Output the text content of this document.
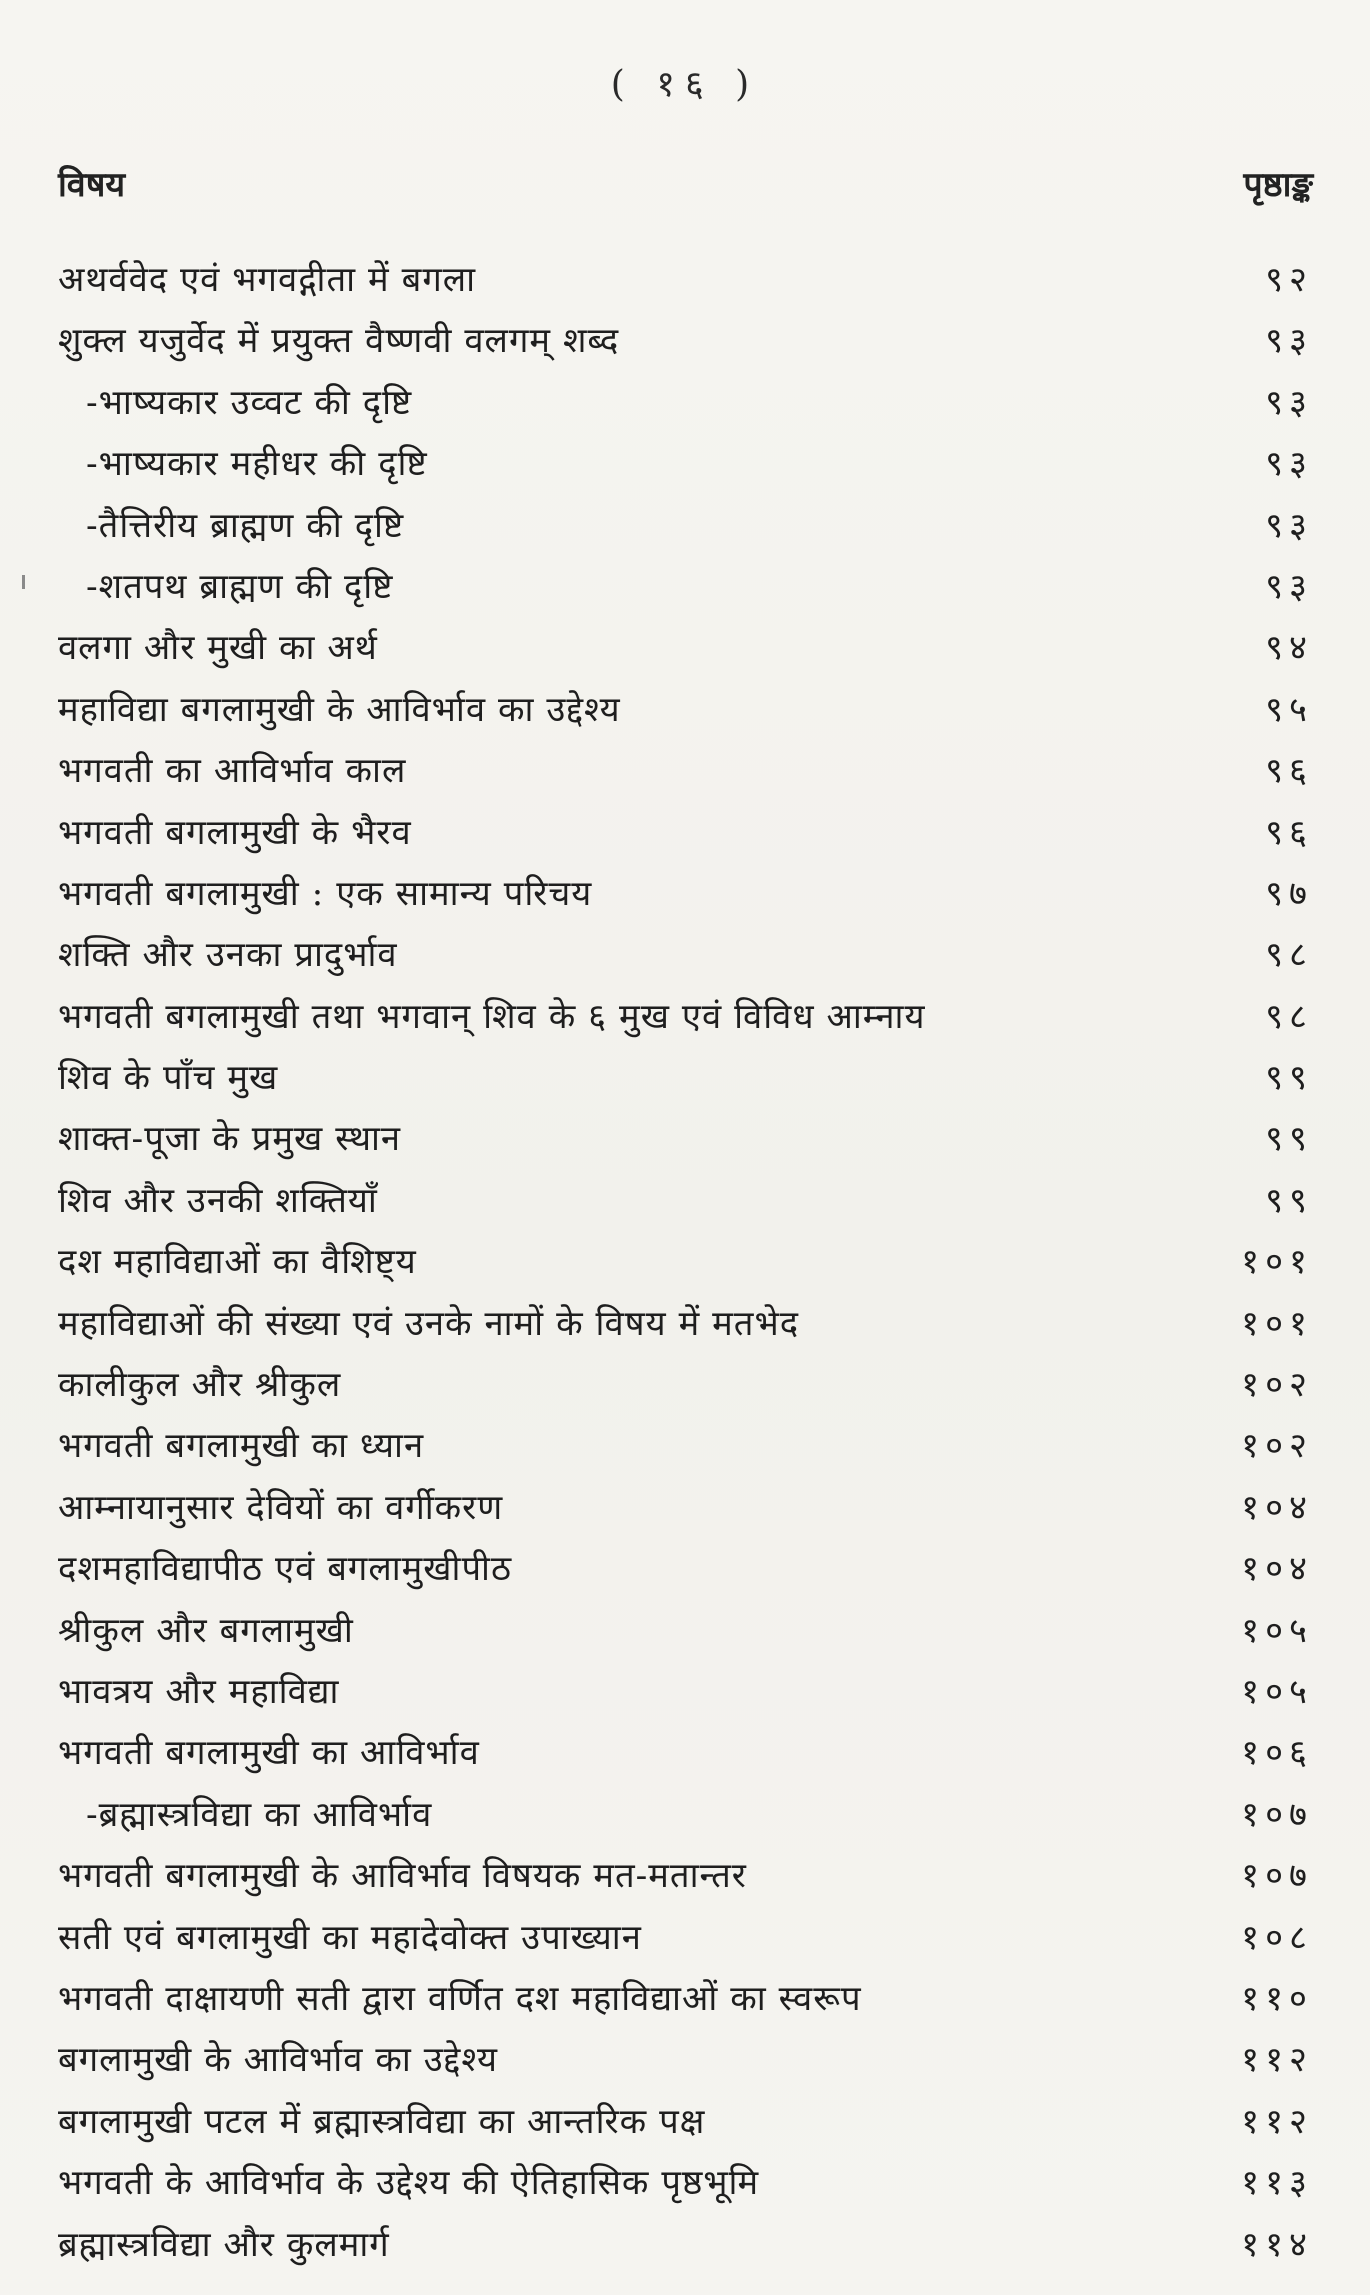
( १६ )
विषय	पृष्ठाङ्क
अथर्ववेद एवं भगवद्गीता में बगला	९२
शुक्ल यजुर्वेद में प्रयुक्त वैष्णवी वलगम् शब्द	९३
-भाष्यकार उव्वट की दृष्टि	९३
-भाष्यकार महीधर की दृष्टि	९३
-तैत्तिरीय ब्राह्मण की दृष्टि	९३
-शतपथ ब्राह्मण की दृष्टि	९३
वलगा और मुखी का अर्थ	९४
महाविद्या बगलामुखी के आविर्भाव का उद्देश्य	९५
भगवती का आविर्भाव काल	९६
भगवती बगलामुखी के भैरव	९६
भगवती बगलामुखी : एक सामान्य परिचय	९७
शक्ति और उनका प्रादुर्भाव	९८
भगवती बगलामुखी तथा भगवान् शिव के ६ मुख एवं विविध आम्नाय	९८
शिव के पाँच मुख	९९
शाक्त-पूजा के प्रमुख स्थान	९९
शिव और उनकी शक्तियाँ	९९
दश महाविद्याओं का वैशिष्ट्य	१०१
महाविद्याओं की संख्या एवं उनके नामों के विषय में मतभेद	१०१
कालीकुल और श्रीकुल	१०२
भगवती बगलामुखी का ध्यान	१०२
आम्नायानुसार देवियों का वर्गीकरण	१०४
दशमहाविद्यापीठ एवं बगलामुखीपीठ	१०४
श्रीकुल और बगलामुखी	१०५
भावत्रय और महाविद्या	१०५
भगवती बगलामुखी का आविर्भाव	१०६
-ब्रह्मास्त्रविद्या का आविर्भाव	१०७
भगवती बगलामुखी के आविर्भाव विषयक मत-मतान्तर	१०७
सती एवं बगलामुखी का महादेवोक्त उपाख्यान	१०८
भगवती दाक्षायणी सती द्वारा वर्णित दश महाविद्याओं का स्वरूप	११०
बगलामुखी के आविर्भाव का उद्देश्य	११२
बगलामुखी पटल में ब्रह्मास्त्रविद्या का आन्तरिक पक्ष	११२
भगवती के आविर्भाव के उद्देश्य की ऐतिहासिक पृष्ठभूमि	११३
ब्रह्मास्त्रविद्या और कुलमार्ग	११४
